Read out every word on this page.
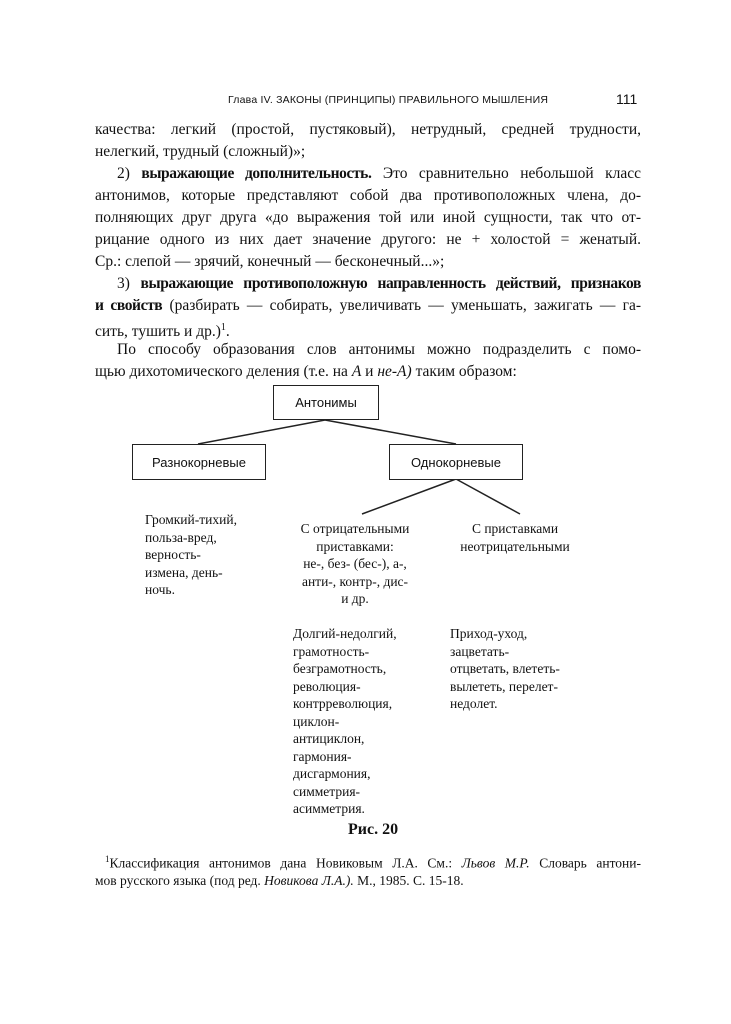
Глава IV. ЗАКОНЫ (ПРИНЦИПЫ) ПРАВИЛЬНОГО МЫШЛЕНИЯ	111
качества: легкий (простой, пустяковый), нетрудный, средней трудности,
нелегкий, трудный (сложный)»;
2) выражающие дополнительность. Это сравнительно небольшой класс
антонимов, которые представляют собой два противоположных члена, до-
полняющих друг друга «до выражения той или иной сущности, так что от-
рицание одного из них дает значение другого: не + холостой = женатый.
Ср.: слепой — зрячий, конечный — бесконечный...»;
3) выражающие противоположную направленность действий, признаков
и свойств (разбирать — собирать, увеличивать — уменьшать, зажигать — га-
сить, тушить и др.)$^1$.
По способу образования слов антонимы можно подразделить с помо-
щью дихотомического деления (т.е. на А и не-А) таким образом:
Антонимы
Разнокорневые	Однокорневые
Громкий-тихий,
польза-вред,
верность-
измена, день-
ночь.
С отрицательными
приставками:
не-, без- (бес-), а-,
анти-, контр-, дис-
и др.
С приставками
неотрицательными
Долгий-недолгий,
грамотность-
безграмотность,
революция-
контрреволюция,
циклон-
антициклон,
гармония-
дисгармония,
симметрия-
асимметрия.
Приход-уход,
зацветать-
отцветать, влететь-
вылететь, перелет-
недолет.
Рис. 20
$^1$Классификация антонимов дана Новиковым Л.А. См.: Львов М.Р. Словарь антони-
мов русского языка (под ред. Новикова Л.А.). М., 1985. С. 15-18.
